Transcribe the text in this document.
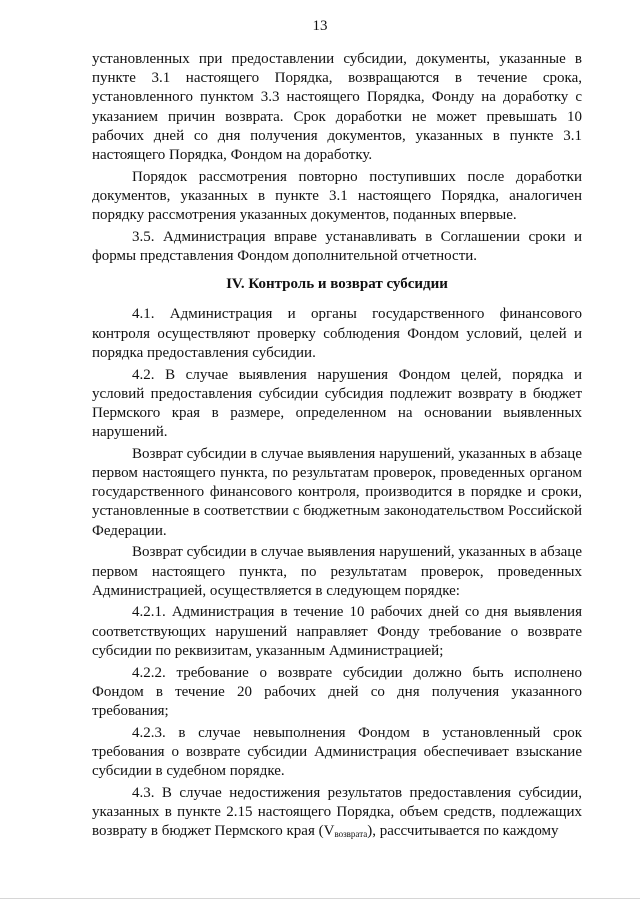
13

установленных при предоставлении субсидии, документы, указанные в пункте 3.1 настоящего Порядка, возвращаются в течение срока, установленного пунктом 3.3 настоящего Порядка, Фонду на доработку с указанием причин возврата. Срок доработки не может превышать 10 рабочих дней со дня получения документов, указанных в пункте 3.1 настоящего Порядка, Фондом на доработку.

Порядок рассмотрения повторно поступивших после доработки документов, указанных в пункте 3.1 настоящего Порядка, аналогичен порядку рассмотрения указанных документов, поданных впервые.

3.5. Администрация вправе устанавливать в Соглашении сроки и формы представления Фондом дополнительной отчетности.

IV. Контроль и возврат субсидии

4.1. Администрация и органы государственного финансового контроля осуществляют проверку соблюдения Фондом условий, целей и порядка предоставления субсидии.

4.2. В случае выявления нарушения Фондом целей, порядка и условий предоставления субсидии субсидия подлежит возврату в бюджет Пермского края в размере, определенном на основании выявленных нарушений.

Возврат субсидии в случае выявления нарушений, указанных в абзаце первом настоящего пункта, по результатам проверок, проведенных органом государственного финансового контроля, производится в порядке и сроки, установленные в соответствии с бюджетным законодательством Российской Федерации.

Возврат субсидии в случае выявления нарушений, указанных в абзаце первом настоящего пункта, по результатам проверок, проведенных Администрацией, осуществляется в следующем порядке:

4.2.1. Администрация в течение 10 рабочих дней со дня выявления соответствующих нарушений направляет Фонду требование о возврате субсидии по реквизитам, указанным Администрацией;

4.2.2. требование о возврате субсидии должно быть исполнено Фондом в течение 20 рабочих дней со дня получения указанного требования;

4.2.3. в случае невыполнения Фондом в установленный срок требования о возврате субсидии Администрация обеспечивает взыскание субсидии в судебном порядке.

4.3. В случае недостижения результатов предоставления субсидии, указанных в пункте 2.15 настоящего Порядка, объем средств, подлежащих возврату в бюджет Пермского края $(V_{возврата})$, рассчитывается по каждому
